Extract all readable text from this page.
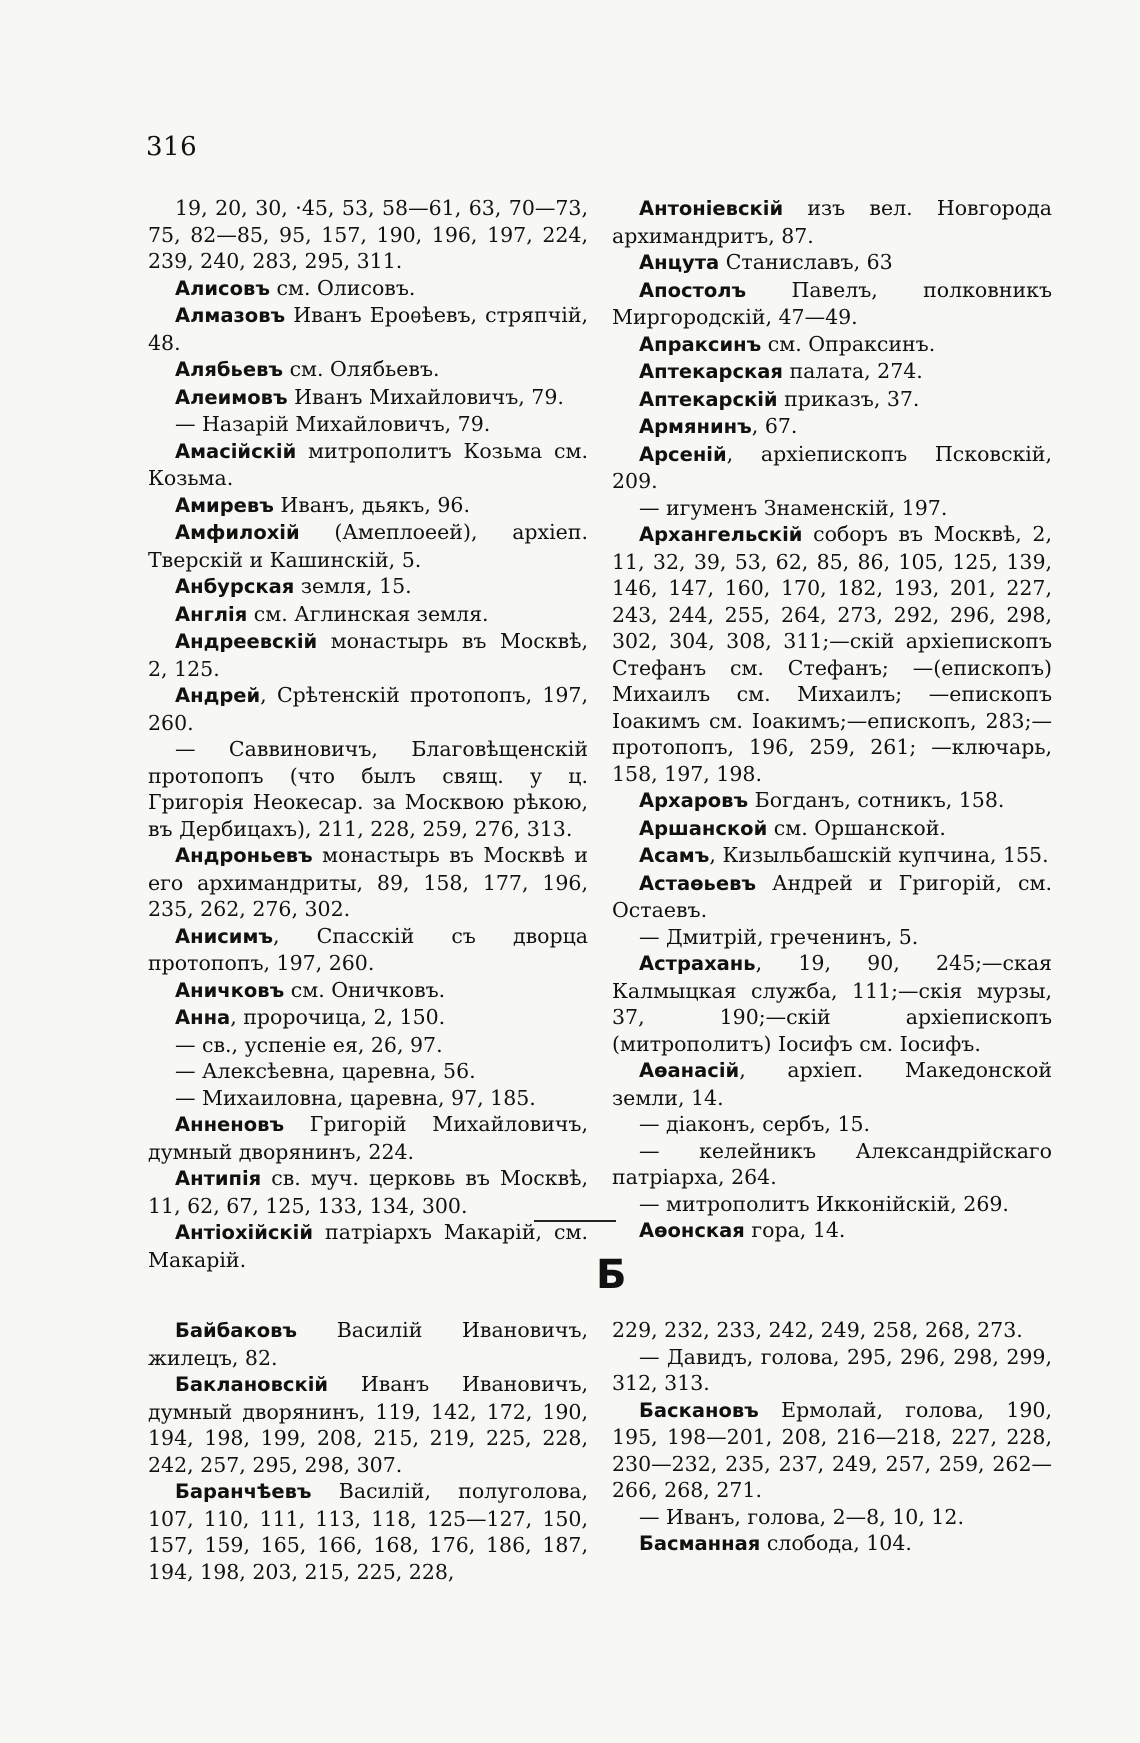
316

19, 20, 30, ·45, 53, 58—61, 63, 70—73, 75, 82—85, 95, 157, 190, 196, 197, 224, 239, 240, 283, 295, 311.

Алисовъ см. Олисовъ.

Алмазовъ Иванъ Ероѳѣевъ, стряпчій, 48.

Алябьевъ см. Олябьевъ.

Алеимовъ Иванъ Михайловичъ, 79.

— Назарій Михайловичъ, 79.

Амасійскій митрополитъ Козьма см. Козьма.

Амиревъ Иванъ, дьякъ, 96.

Амфилохій (Амеплоеей), архіеп. Тверскій и Кашинскій, 5.

Анбурская земля, 15.

Англія см. Аглинская земля.

Андреевскій монастырь въ Москвѣ, 2, 125.

Андрей, Срѣтенскій протопопъ, 197, 260.

— Саввиновичъ, Благовѣщенскій протопопъ (что былъ свящ. у ц. Григорія Неокесар. за Москвою рѣкою, въ Дербицахъ), 211, 228, 259, 276, 313.

Андроньевъ монастырь въ Москвѣ и его архимандриты, 89, 158, 177, 196, 235, 262, 276, 302.

Анисимъ, Спасскій съ дворца протопопъ, 197, 260.

Аничковъ см. Оничковъ.

Анна, пророчица, 2, 150.

— св., успеніе ея, 26, 97.

— Алексѣевна, царевна, 56.

— Михаиловна, царевна, 97, 185.

Анненовъ Григорій Михайловичъ, думный дворянинъ, 224.

Антипія св. муч. церковь въ Москвѣ, 11, 62, 67, 125, 133, 134, 300.

Антіохійскій патріархъ Макарій, см. Макарій.

Антоніевскій изъ вел. Новгорода архимандритъ, 87.

Анцута Станиславъ, 63

Апостолъ Павелъ, полковникъ Миргородскій, 47—49.

Апраксинъ см. Опраксинъ.

Аптекарская палата, 274.

Аптекарскій приказъ, 37.

Армянинъ, 67.

Арсеній, архіепископъ Псковскій, 209.

— игуменъ Знаменскій, 197.

Архангельскій соборъ въ Москвѣ, 2, 11, 32, 39, 53, 62, 85, 86, 105, 125, 139, 146, 147, 160, 170, 182, 193, 201, 227, 243, 244, 255, 264, 273, 292, 296, 298, 302, 304, 308, 311;—скій архіепископъ Стефанъ см. Стефанъ; —(епископъ) Михаилъ см. Михаилъ; —епископъ Іоакимъ см. Іоакимъ;—епископъ, 283;—протопопъ, 196, 259, 261; —ключарь, 158, 197, 198.

Архаровъ Богданъ, сотникъ, 158.

Аршанской см. Оршанской.

Асамъ, Кизыльбашскій купчина, 155.

Астаѳьевъ Андрей и Григорій, см. Остаевъ.

— Дмитрій, греченинъ, 5.

Астрахань, 19, 90, 245;—ская Калмыцкая служба, 111;—скія мурзы, 37, 190;—скій архіепископъ (митрополитъ) Іосифъ см. Іосифъ.

Аѳанасій, архіеп. Македонской земли, 14.

— діаконъ, сербъ, 15.

— келейникъ Александрійскаго патріарха, 264.

— митрополитъ Икконійскій, 269.

Аѳонская гора, 14.

Б

Байбаковъ Василій Ивановичъ, жилецъ, 82.

Баклановскій Иванъ Ивановичъ, думный дворянинъ, 119, 142, 172, 190, 194, 198, 199, 208, 215, 219, 225, 228, 242, 257, 295, 298, 307.

Баранчѣевъ Василій, полуголова, 107, 110, 111, 113, 118, 125—127, 150, 157, 159, 165, 166, 168, 176, 186, 187, 194, 198, 203, 215, 225, 228,

229, 232, 233, 242, 249, 258, 268, 273.

— Давидъ, голова, 295, 296, 298, 299, 312, 313.

Басканoвъ Ермолай, голова, 190, 195, 198—201, 208, 216—218, 227, 228, 230—232, 235, 237, 249, 257, 259, 262—266, 268, 271.

— Иванъ, голова, 2—8, 10, 12.

Басманная слобода, 104.
